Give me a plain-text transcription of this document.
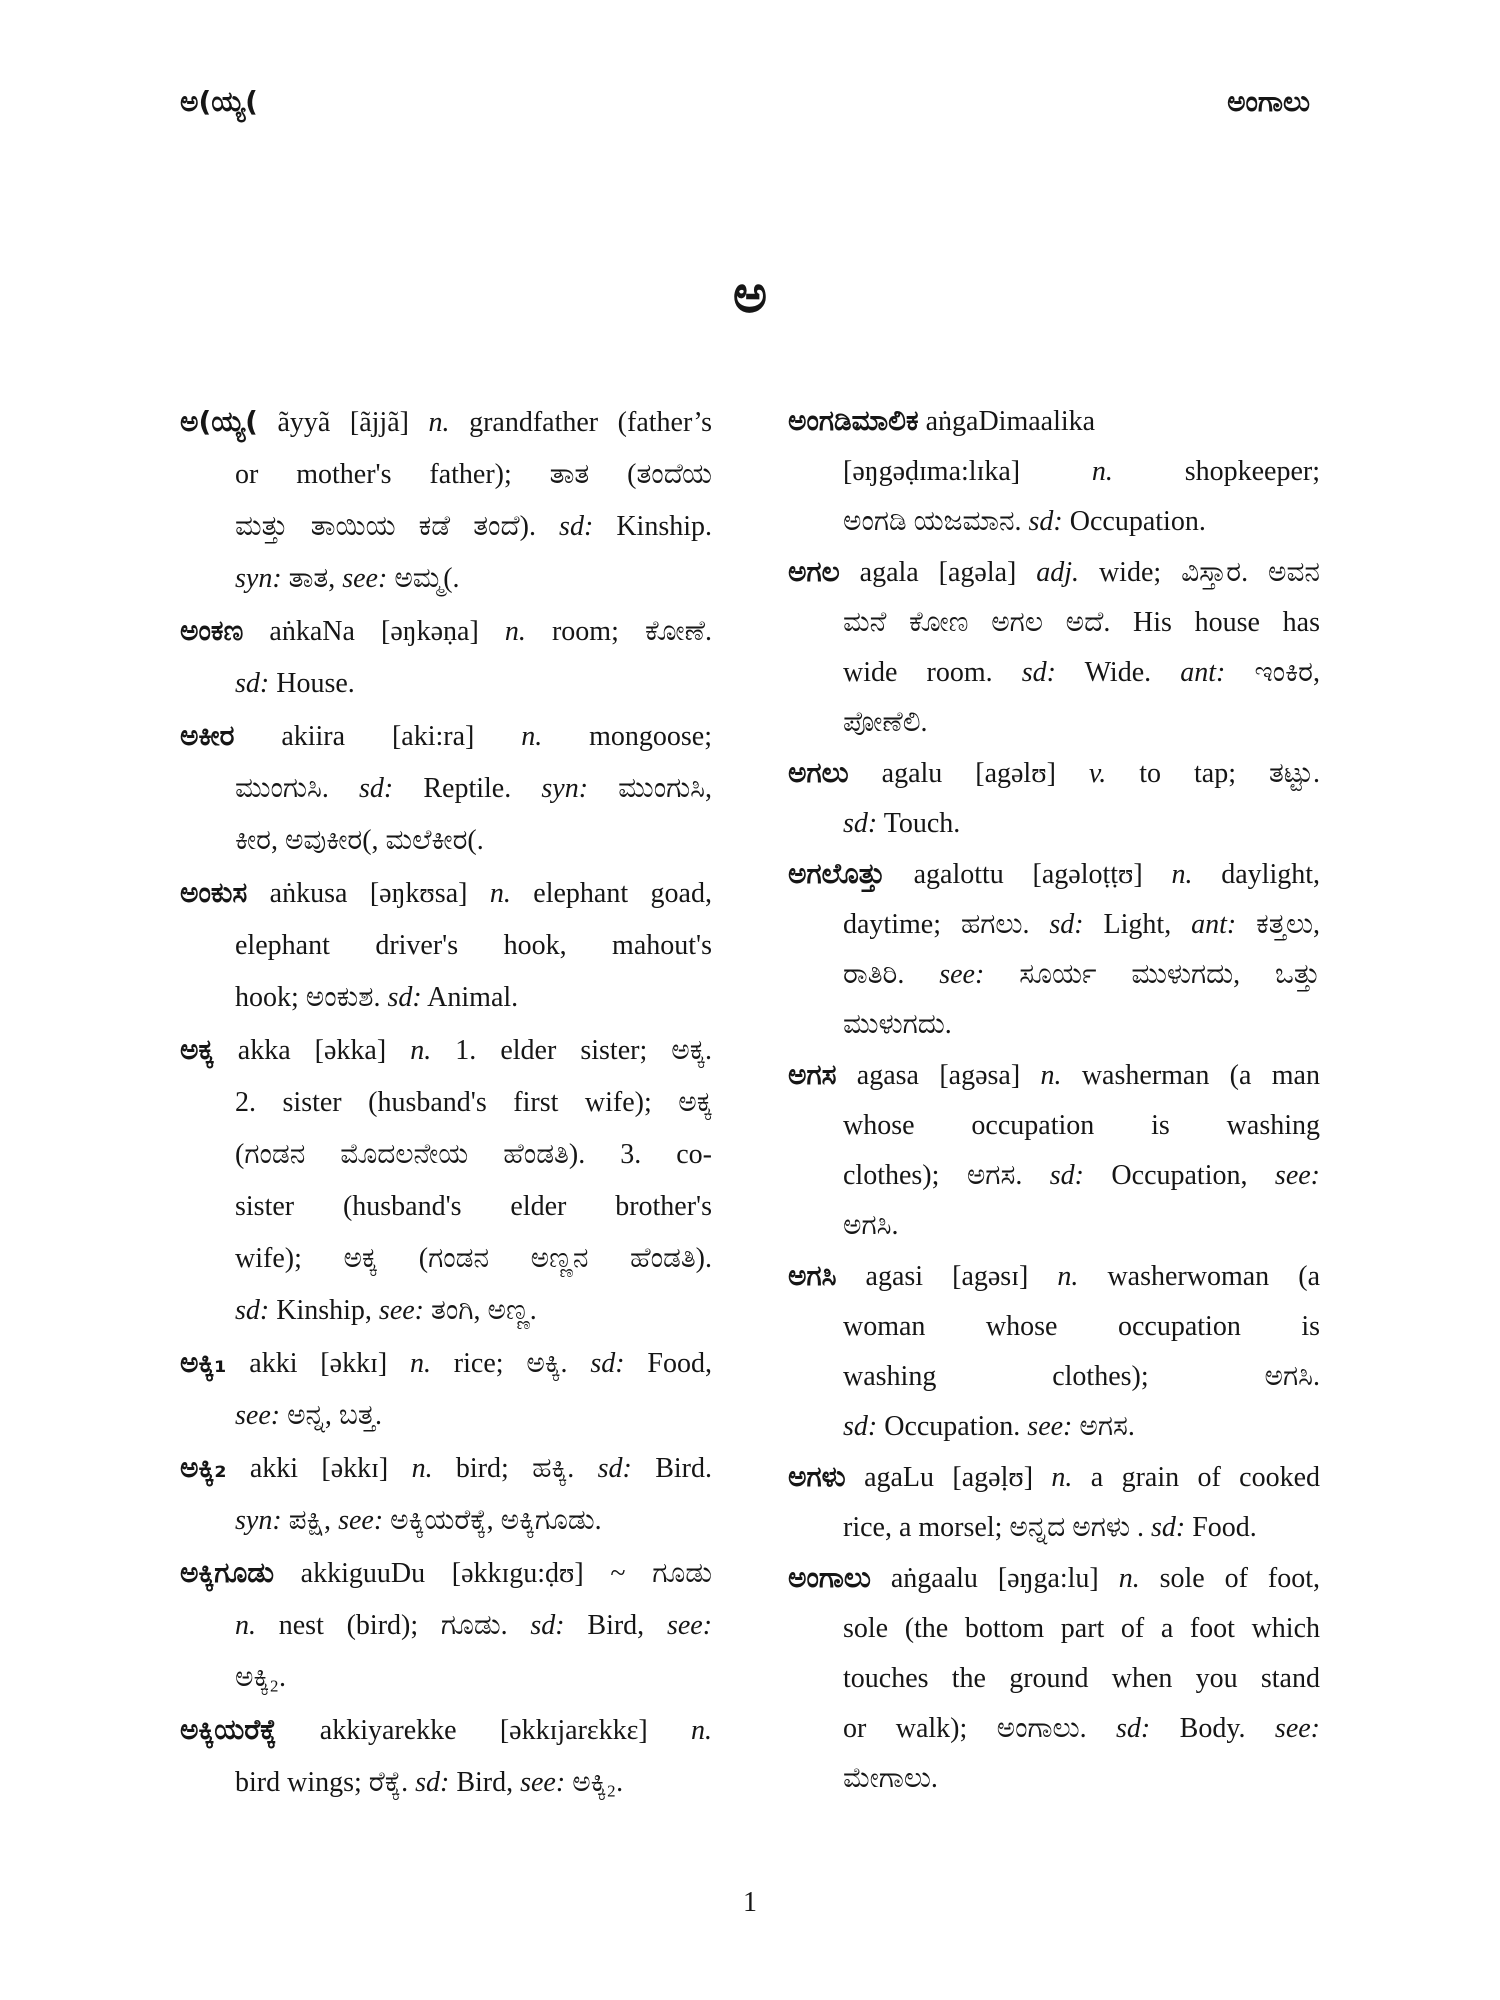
ಅ(ಯ್ಯ(	ಅಂಗಾಲು
ಅ
ಅ(ಯ್ಯ( ãyyã [ãjjã] n. grandfather (father’s
or mother's father); ತಾತ (ತಂದೆಯ
ಮತ್ತು ತಾಯಿಯ ಕಡೆ ತಂದೆ). sd: Kinship.
syn: ತಾತ, see: ಅಮ್ಮ(.
ಅಂಕಣ aṅkaNa [əŋkəṇa] n. room; ಕೋಣೆ.
sd: House.
ಅಕೀರ akiira [aki:ra] n. mongoose;
ಮುಂಗುಸಿ. sd: Reptile. syn: ಮುಂಗುಸಿ,
ಕೀರ, ಅವುಕೀರ(, ಮಲೆಕೀರ(.
ಅಂಕುಸ aṅkusa [əŋkʊsa] n. elephant goad,
elephant driver's hook, mahout's
hook; ಅಂಕುಶ. sd: Animal.
ಅಕ್ಕ akka [əkka] n. 1. elder sister; ಅಕ್ಕ.
2. sister (husband's first wife); ಅಕ್ಕ
(ಗಂಡನ ಮೊದಲನೇಯ ಹೆಂಡತಿ). 3. co-
sister (husband's elder brother's
wife); ಅಕ್ಕ (ಗಂಡನ ಅಣ್ಣನ ಹೆಂಡತಿ).
sd: Kinship, see: ತಂಗಿ, ಅಣ್ಣ.
ಅಕ್ಕಿ₁ akki [əkkɪ] n. rice; ಅಕ್ಕಿ. sd: Food,
see: ಅನ್ನ, ಬತ್ತ.
ಅಕ್ಕಿ₂ akki [əkkɪ] n. bird; ಹಕ್ಕಿ. sd: Bird.
syn: ಪಕ್ಷಿ, see: ಅಕ್ಕಿಯರೆಕ್ಕೆ, ಅಕ್ಕಿಗೂಡು.
ಅಕ್ಕಿಗೂಡು akkiguuDu [əkkɪgu:ḍʊ] ~ ಗೂಡು
n. nest (bird); ಗೂಡು. sd: Bird, see:
ಅಕ್ಕಿ₂.
ಅಕ್ಕಿಯರೆಕ್ಕೆ akkiyarekke [əkkɪjarɛkkɛ] n.
bird wings; ರೆಕ್ಕೆ. sd: Bird, see: ಅಕ್ಕಿ₂.
ಅಂಗಡಿಮಾಲಿಕ aṅgaDimaalika
[əŋgəḍɪma:lɪka] n. shopkeeper;
ಅಂಗಡಿ ಯಜಮಾನ. sd: Occupation.
ಅಗಲ agala [agəla] adj. wide; ವಿಸ್ತಾರ. ಅವನ
ಮನೆ ಕೋಣ ಅಗಲ ಅದೆ. His house has
wide room. sd: Wide. ant: ಇಂಕಿರ,
ಪೋಣೆಲಿ.
ಅಗಲು agalu [agəlʊ] v. to tap; ತಟ್ಟು.
sd: Touch.
ಅಗಲೊತ್ತು agalottu [agəloṭṭʊ] n. daylight,
daytime; ಹಗಲು. sd: Light, ant: ಕತ್ತಲು,
ರಾತಿರಿ. see: ಸೂರ್ಯ ಮುಳುಗದು, ಒತ್ತು
ಮುಳುಗದು.
ಅಗಸ agasa [agəsa] n. washerman (a man
whose occupation is washing
clothes); ಅಗಸ. sd: Occupation, see:
ಅಗಸಿ.
ಅಗಸಿ agasi [agəsɪ] n. washerwoman (a
woman whose occupation is
washing clothes); ಅಗಸಿ.
sd: Occupation. see: ಅಗಸ.
ಅಗಳು agaLu [agəḷʊ] n. a grain of cooked
rice, a morsel; ಅನ್ನದ ಅಗಳು . sd: Food.
ಅಂಗಾಲು aṅgaalu [əŋga:lu] n. sole of foot,
sole (the bottom part of a foot which
touches the ground when you stand
or walk); ಅಂಗಾಲು. sd: Body. see:
ಮೇಗಾಲು.
1
